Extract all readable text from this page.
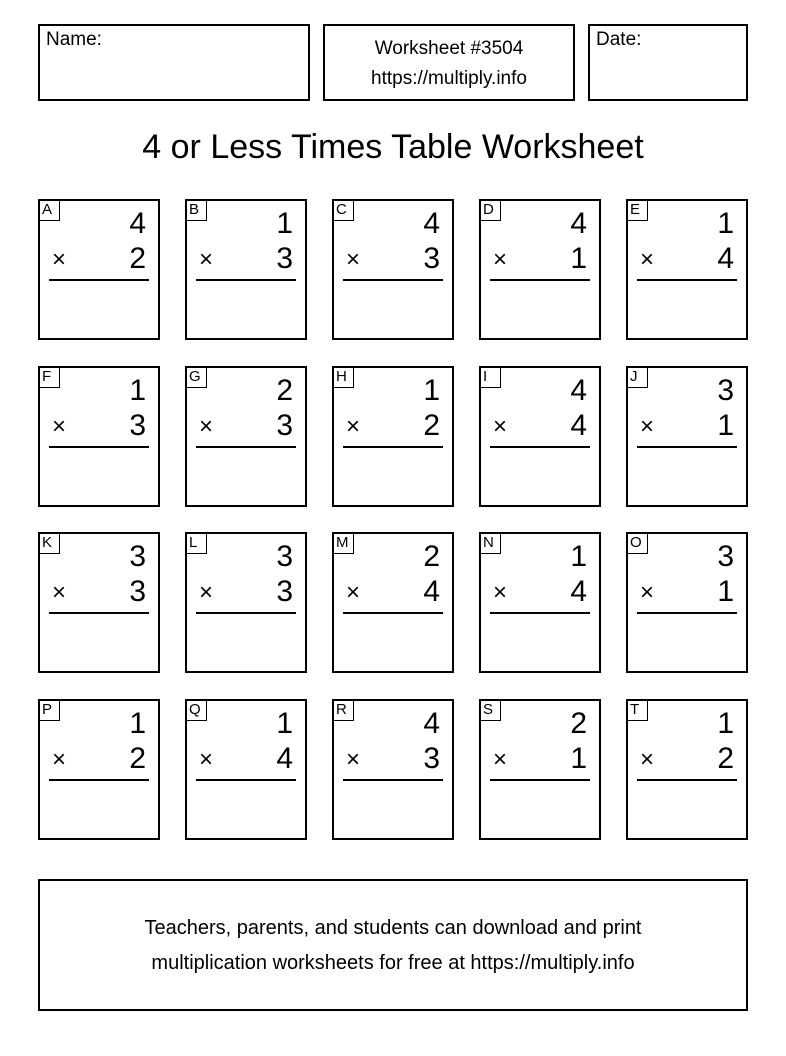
Name:	Worksheet #3504
https://multiply.info
Date:
4 or Less Times Table Worksheet
A	4
× 2
B	1
× 3
C	4
× 3
D	4
× 1
E	1
× 4
F	1
× 3
G	2
× 3
H	1
× 2
I	4
× 4
J	3
× 1
K	3
× 3
L	3
× 3
M 2
× 4
N	1
× 4
O	3
× 1
P	1
× 2
Q	1
× 4
R	4
× 3
S	2
× 1
T	1
× 2
Teachers, parents, and students can download and print
multiplication worksheets for free at https://multiply.info
